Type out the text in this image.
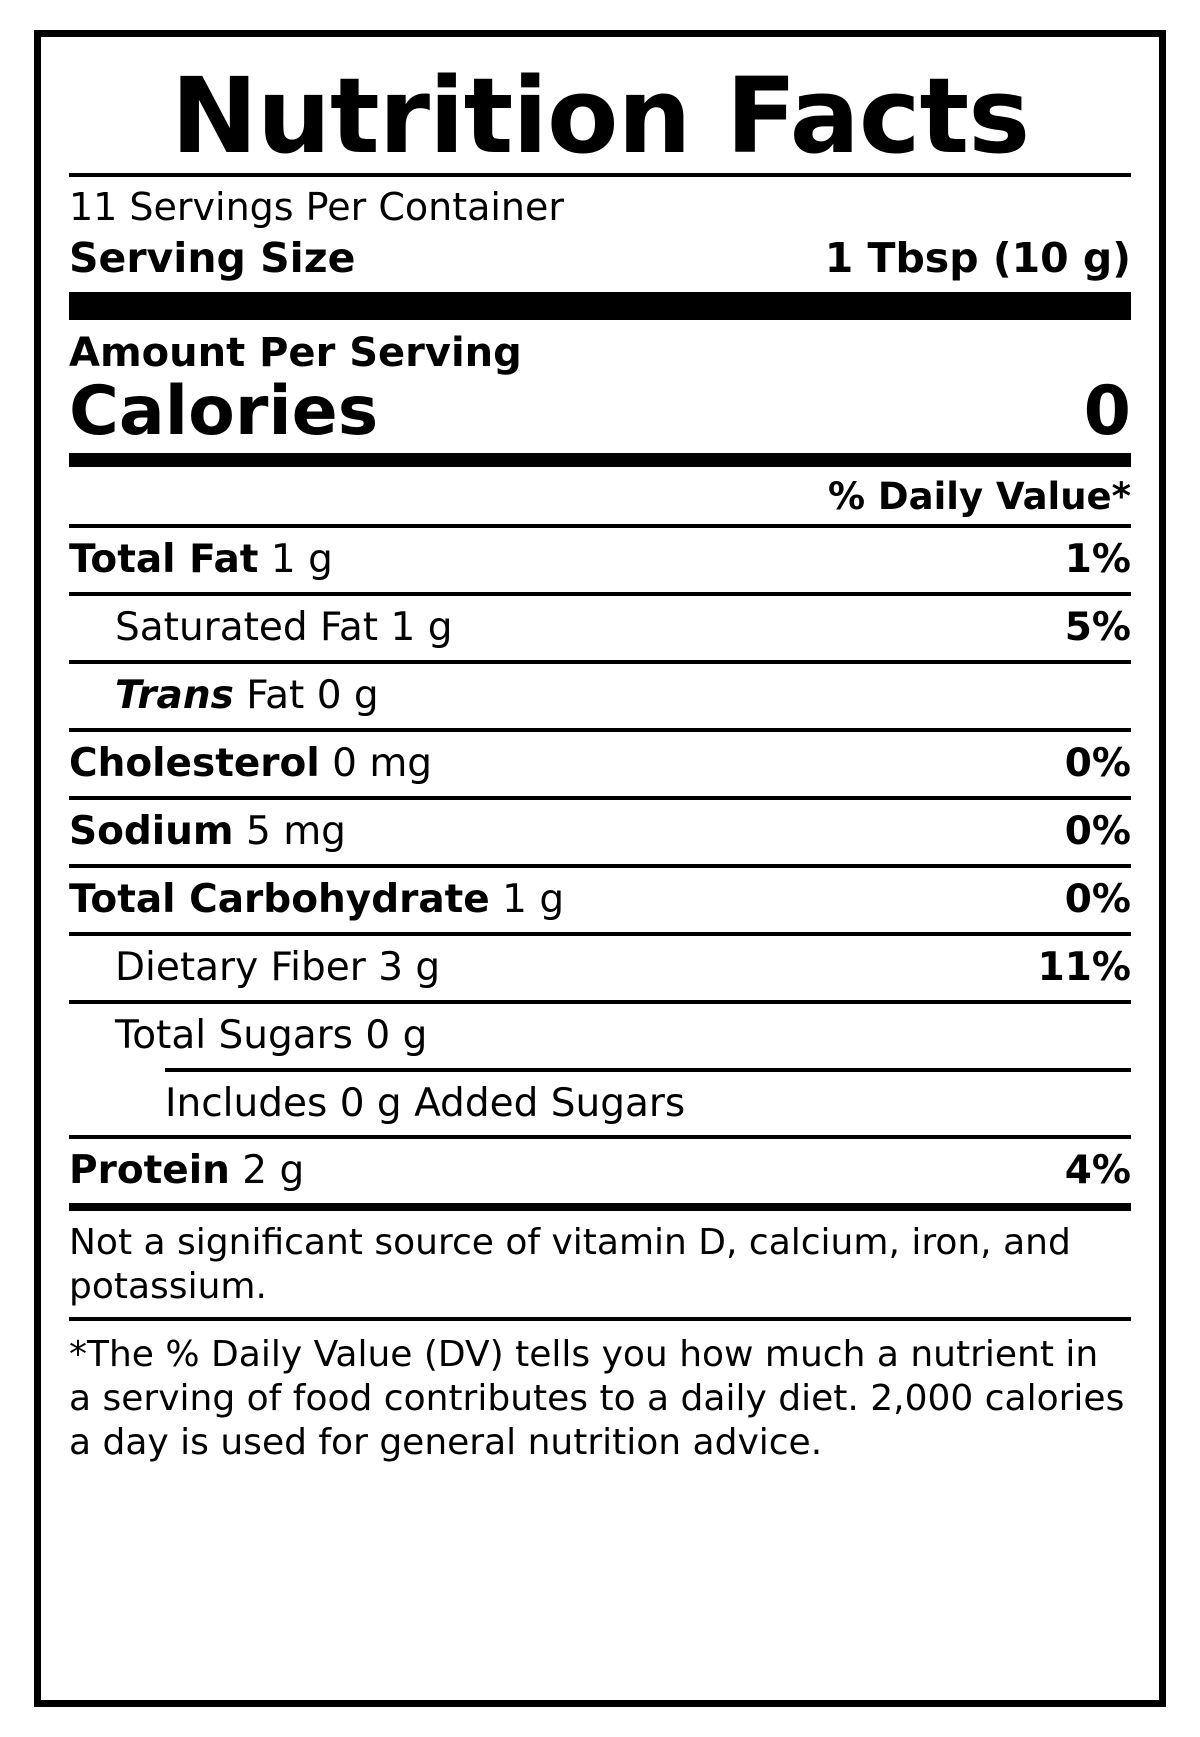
Nutrition Facts
11 Servings Per Container
Serving Size	1 Tbsp (10 g)
Amount Per Serving
Calories	0
% Daily Value*
Total Fat 1 g	1%
Saturated Fat 1 g	5%
Trans Fat 0 g
Cholesterol 0 mg	0%
Sodium 5 mg	0%
Total Carbohydrate 1 g	0%
Dietary Fiber 3 g	11%
Total Sugars 0 g
Includes 0 g Added Sugars
Protein 2 g	4%
Not a significant source of vitamin D, calcium, iron, and potassium.
*The % Daily Value (DV) tells you how much a nutrient in a serving of food contributes to a daily diet. 2,000 calories a day is used for general nutrition advice.
